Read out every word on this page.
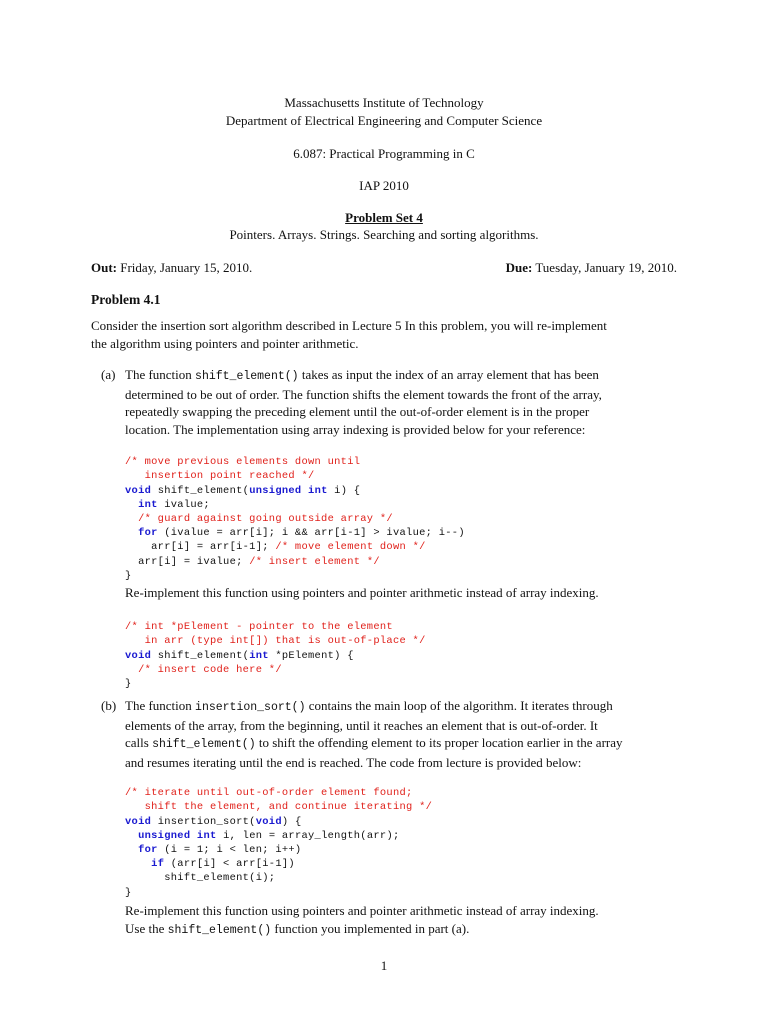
Massachusetts Institute of Technology
Department of Electrical Engineering and Computer Science
6.087: Practical Programming in C
IAP 2010
Problem Set 4
Pointers. Arrays. Strings. Searching and sorting algorithms.
Out: Friday, January 15, 2010.	Due: Tuesday, January 19, 2010.
Problem 4.1
Consider the insertion sort algorithm described in Lecture 5 In this problem, you will re-implement
the algorithm using pointers and pointer arithmetic.
(a) The function shift_element() takes as input the index of an array element that has been
determined to be out of order. The function shifts the element towards the front of the array,
repeatedly swapping the preceding element until the out-of-order element is in the proper
location. The implementation using array indexing is provided below for your reference:

/* move previous elements down until
insertion point reached */
void shift_element(unsigned int i) {
int ivalue;
/* guard against going outside array */
for (ivalue = arr[i]; i && arr[i-1] > ivalue; i--)
arr[i] = arr[i-1]; /* move element down */
arr[i] = ivalue; /* insert element */
}

Re-implement this function using pointers and pointer arithmetic instead of array indexing.

/* int *pElement - pointer to the element
in arr (type int[]) that is out-of-place */
void shift_element(int *pElement) {
/* insert code here */
}

(b) The function insertion_sort() contains the main loop of the algorithm. It iterates through
elements of the array, from the beginning, until it reaches an element that is out-of-order. It
calls shift_element() to shift the offending element to its proper location earlier in the array
and resumes iterating until the end is reached. The code from lecture is provided below:

/* iterate until out-of-order element found;
shift the element, and continue iterating */
void insertion_sort(void) {
unsigned int i, len = array_length(arr);
for (i = 1; i < len; i++)
if (arr[i] < arr[i-1])
shift_element(i);
}

Re-implement this function using pointers and pointer arithmetic instead of array indexing.
Use the shift_element() function you implemented in part (a).
1
